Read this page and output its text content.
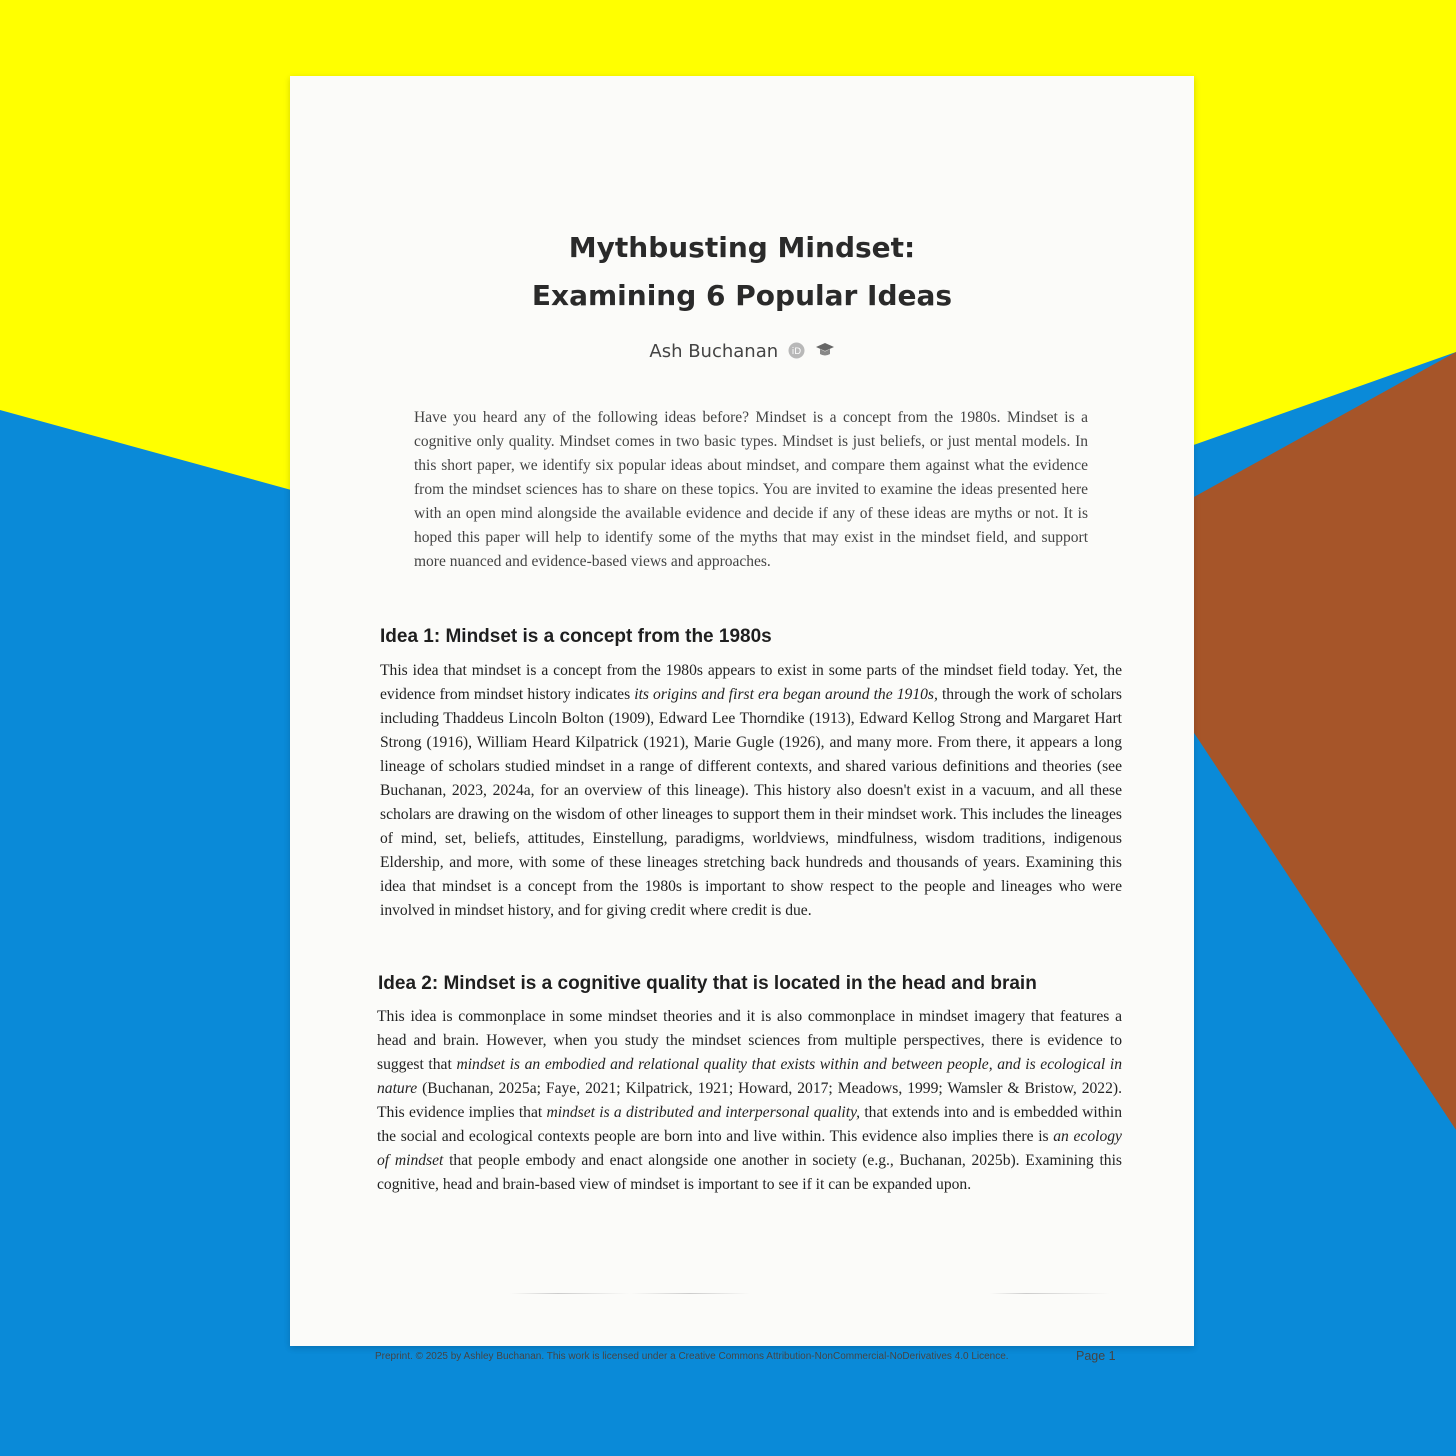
Mythbusting Mindset:
Examining 6 Popular Ideas
Ash Buchanan iD

Have you heard any of the following ideas before? Mindset is a concept from the 1980s. Mindset is a cognitive only quality. Mindset comes in two basic types. Mindset is just beliefs, or just mental models. In this short paper, we identify six popular ideas about mindset, and compare them against what the evidence from the mindset sciences has to share on these topics. You are invited to examine the ideas presented here with an open mind alongside the available evidence and decide if any of these ideas are myths or not. It is hoped this paper will help to identify some of the myths that may exist in the mindset field, and support more nuanced and evidence-based views and approaches.

Idea 1: Mindset is a concept from the 1980s

This idea that mindset is a concept from the 1980s appears to exist in some parts of the mindset field today. Yet, the evidence from mindset history indicates its origins and first era began around the 1910s, through the work of scholars including Thaddeus Lincoln Bolton (1909), Edward Lee Thorndike (1913), Edward Kellog Strong and Margaret Hart Strong (1916), William Heard Kilpatrick (1921), Marie Gugle (1926), and many more. From there, it appears a long lineage of scholars studied mindset in a range of different contexts, and shared various definitions and theories (see Buchanan, 2023, 2024a, for an overview of this lineage). This history also doesn't exist in a vacuum, and all these scholars are drawing on the wisdom of other lineages to support them in their mindset work. This includes the lineages of mind, set, beliefs, attitudes, Einstellung, paradigms, worldviews, mindfulness, wisdom traditions, indigenous Eldership, and more, with some of these lineages stretching back hundreds and thousands of years. Examining this idea that mindset is a concept from the 1980s is important to show respect to the people and lineages who were involved in mindset history, and for giving credit where credit is due.

Idea 2: Mindset is a cognitive quality that is located in the head and brain

This idea is commonplace in some mindset theories and it is also commonplace in mindset imagery that features a head and brain. However, when you study the mindset sciences from multiple perspectives, there is evidence to suggest that mindset is an embodied and relational quality that exists within and between people, and is ecological in nature (Buchanan, 2025a; Faye, 2021; Kilpatrick, 1921; Howard, 2017; Meadows, 1999; Wamsler & Bristow, 2022). This evidence implies that mindset is a distributed and interpersonal quality, that extends into and is embedded within the social and ecological contexts people are born into and live within. This evidence also implies there is an ecology of mindset that people embody and enact alongside one another in society (e.g., Buchanan, 2025b). Examining this cognitive, head and brain-based view of mindset is important to see if it can be expanded upon.

Preprint. © 2025 by Ashley Buchanan. This work is licensed under a Creative Commons Attribution-NonCommercial-NoDerivatives 4.0 Licence.	Page 1
